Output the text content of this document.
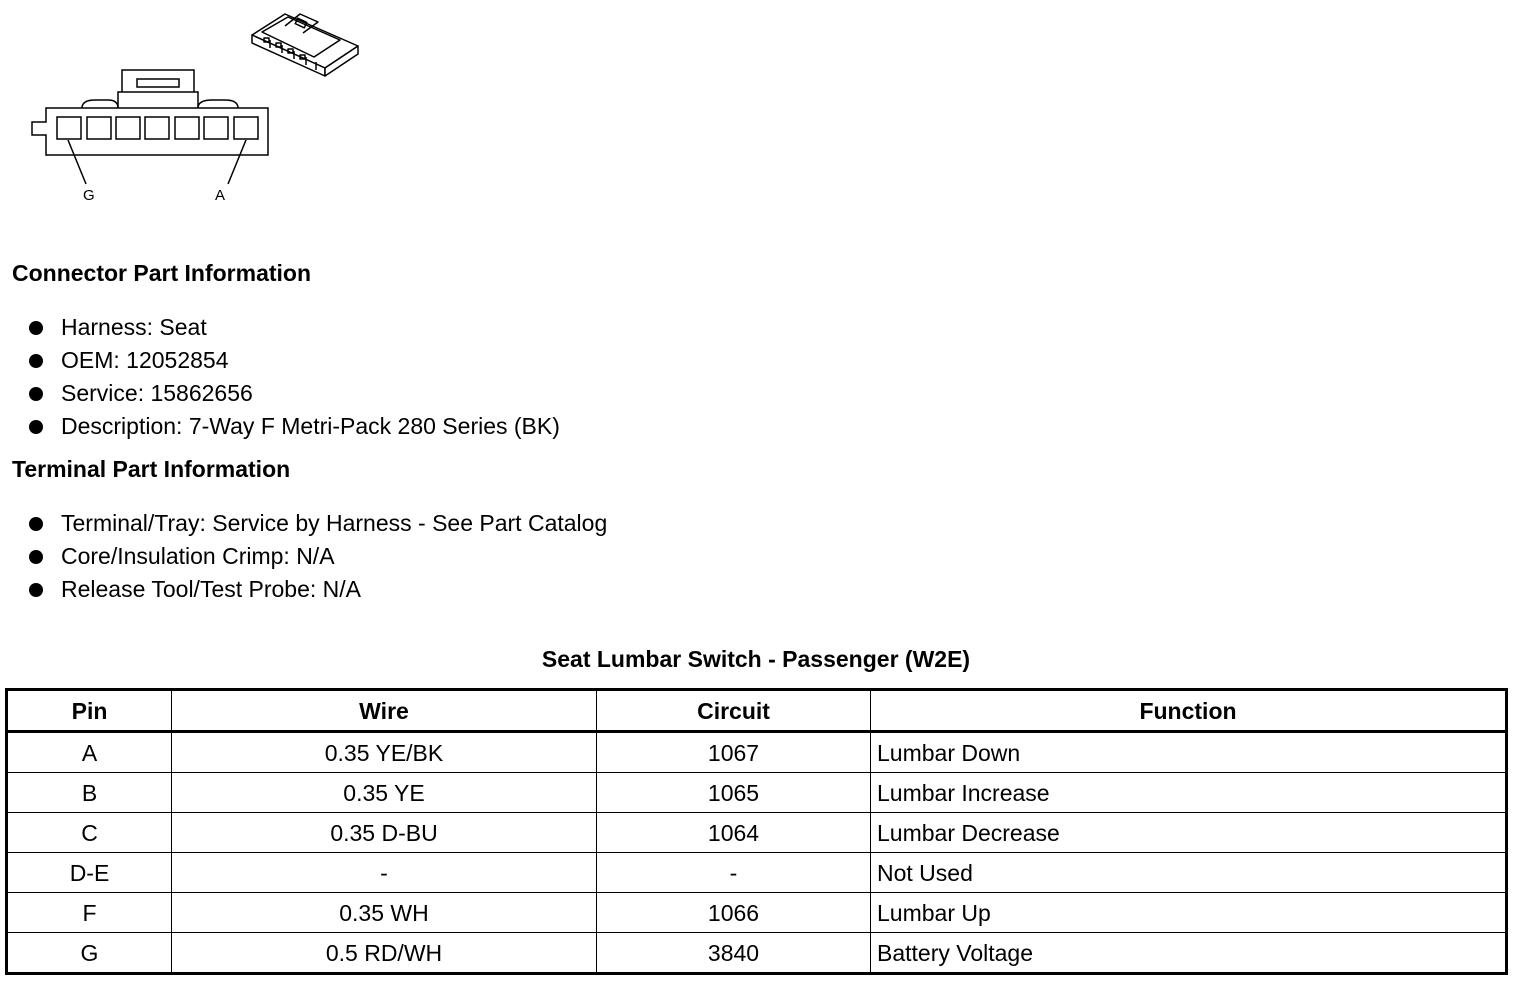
G	A
Connector Part Information
Harness: Seat
OEM: 12052854
Service: 15862656
Description: 7-Way F Metri-Pack 280 Series (BK)
Terminal Part Information
Terminal/Tray: Service by Harness - See Part Catalog
Core/Insulation Crimp: N/A
Release Tool/Test Probe: N/A
Seat Lumbar Switch - Passenger (W2E)
Pin	Wire	Circuit	Function
A	0.35 YE/BK	1067	Lumbar Down
B	0.35 YE	1065	Lumbar Increase
C	0.35 D-BU	1064	Lumbar Decrease
D-E	-	-	Not Used
F	0.35 WH	1066	Lumbar Up
G	0.5 RD/WH	3840	Battery Voltage
